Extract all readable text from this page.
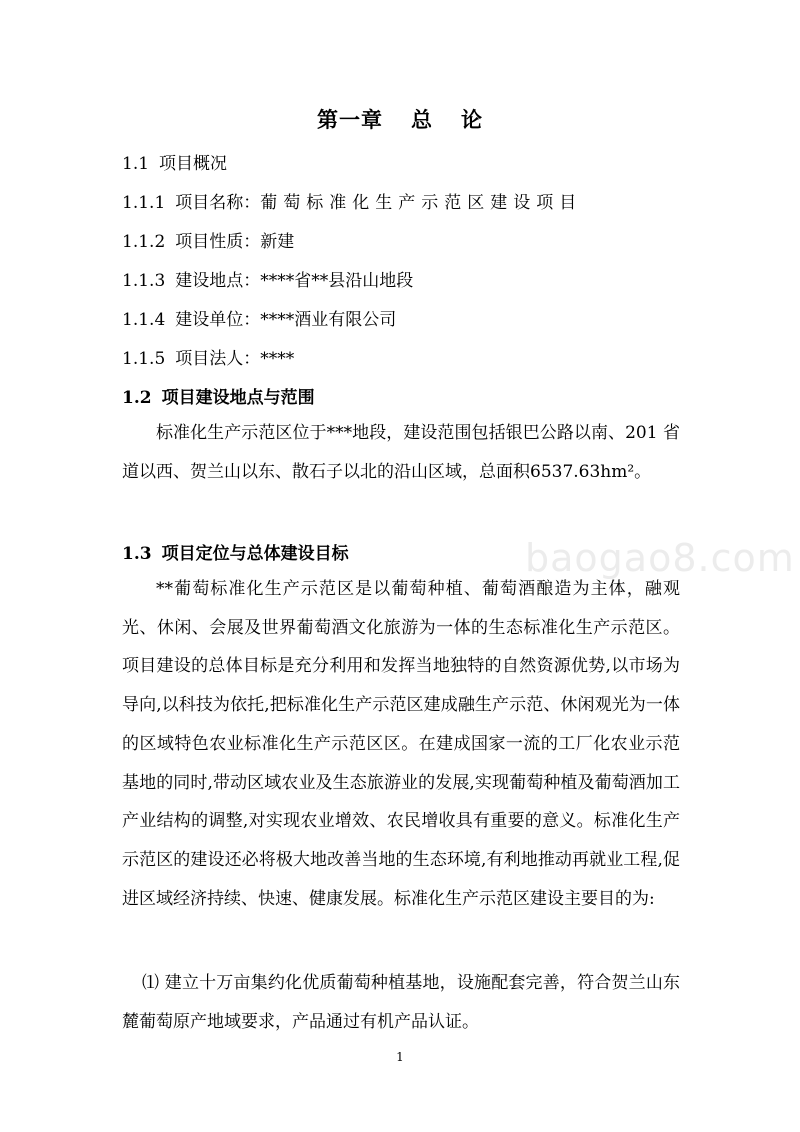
baogao8.com
第一章 总 论
1.1 项目概况
1.1.1 项目名称：葡萄标准化生产示范区建设项目
1.1.2 项目性质：新建
1.1.3 建设地点：****省**县沿山地段
1.1.4 建设单位：****酒业有限公司
1.1.5 项目法人：****
1.2 项目建设地点与范围
标准化生产示范区位于***地段，建设范围包括银巴公路以南、201 省道以西、贺兰山以东、散石子以北的沿山区域，总面积6537.63hm²。
1.3 项目定位与总体建设目标
**葡萄标准化生产示范区是以葡萄种植、葡萄酒酿造为主体，融观光、休闲、会展及世界葡萄酒文化旅游为一体的生态标准化生产示范区。项目建设的总体目标是充分利用和发挥当地独特的自然资源优势,以市场为导向,以科技为依托,把标准化生产示范区建成融生产示范、休闲观光为一体的区域特色农业标准化生产示范区区。在建成国家一流的工厂化农业示范基地的同时,带动区域农业及生态旅游业的发展,实现葡萄种植及葡萄酒加工产业结构的调整,对实现农业增效、农民增收具有重要的意义。标准化生产示范区的建设还必将极大地改善当地的生态环境,有利地推动再就业工程,促进区域经济持续、快速、健康发展。标准化生产示范区建设主要目的为:
⑴ 建立十万亩集约化优质葡萄种植基地，设施配套完善，符合贺兰山东麓葡萄原产地域要求，产品通过有机产品认证。
1
